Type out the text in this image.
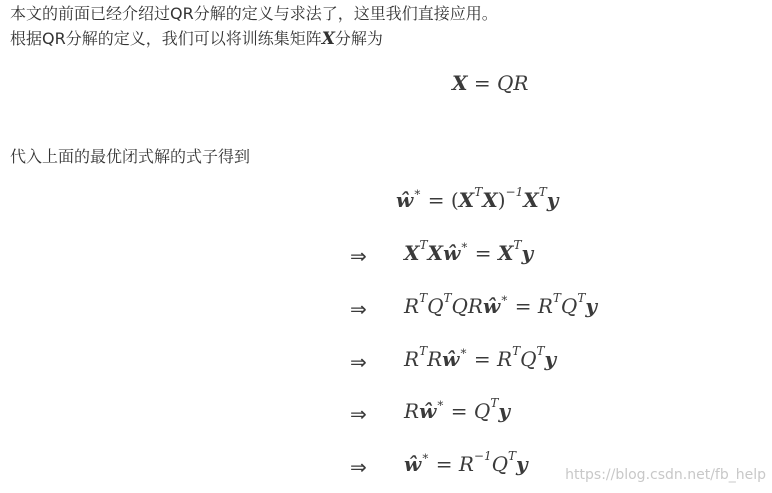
本文的前面已经介绍过QR分解的定义与求法了，这里我们直接应用。
根据QR分解的定义，我们可以将训练集矩阵X分解为
X = QR
代入上面的最优闭式解的式子得到
ŵ∗ = $(X^TX)^{-1}X^Ty$
⇒ $X^TXŵ^∗ = X^Ty$
⇒ $R^TQ^TQRŵ^∗ = R^TQ^Ty$
⇒ $R^TRŵ^∗ = R^TQ^Ty$
⇒ Rŵ∗ = $Q^Ty$
⇒ ŵ∗ = $R^{-1}Q^Ty$	https://blog.csdn.net/fb_help
